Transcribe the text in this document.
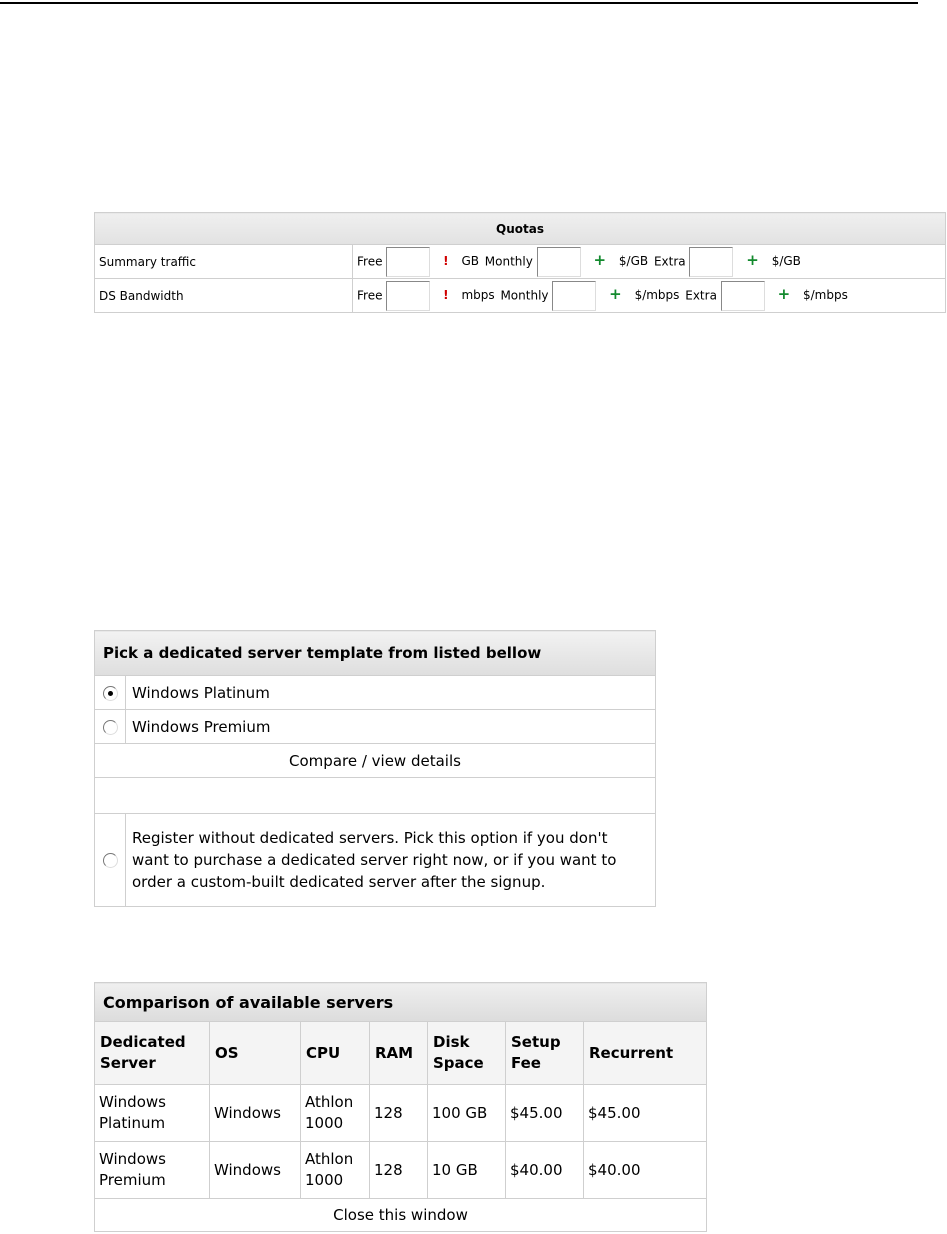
Quotas	
Summary traffic	Free ! GB Monthly + $/GB Extra + $/GB
DS Bandwidth	Free ! mbps Monthly + $/mbps Extra + $/mbps
Pick a dedicated server template from listed bellow	
	Windows Platinum
	Windows Premium
Compare / view details	

	Register without dedicated servers. Pick this option if you don't want to purchase a dedicated server right now, or if you want to order a custom-built dedicated server after the signup.
Comparison of available servers						
Dedicated Server	OS	CPU	RAM	Disk Space	Setup Fee	Recurrent
Windows Platinum	Windows	Athlon 1000	128	100 GB	$45.00	$45.00
Windows Premium	Windows	Athlon 1000	128	10 GB	$40.00	$40.00
Close this window						
